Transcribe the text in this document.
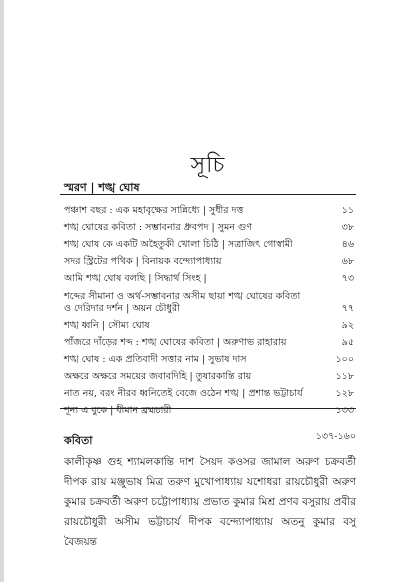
সূচি
স্মরণ | শঙ্খ ঘোষ
পঞ্চাশ বছর : এক মহাবৃক্ষের সান্নিধ্যে | সুধীর দত্ত	১১
শঙ্খ ঘোষের কবিতা : সম্ভাবনার ধ্রুবপদ | সুমন গুণ	৩৮
শঙ্খ ঘোষ কে একটি অহৈতুকী খোলা চিঠি | সত্রাজিৎ গোস্বামী	৪৬
সদর স্ট্রিটের পথিক | বিনায়ক বন্দ্যোপাধ্যায়	৬৮
আমি শঙ্খ ঘোষ বলছি | সিদ্ধার্থ সিংহ |	৭৩
শব্দের সীমানা ও অর্থ-সম্ভাবনার অসীম ছায়া শঙ্খ ঘোষের কবিতা ও দেরিদার দর্শন | অয়ন চৌধুরী	৭৭
শঙ্খ ধ্বনি | সৌম্য ঘোষ	৯২
পাঁজরে দাঁড়ের শব্দ : শঙ্খ ঘোষের কবিতা | অরুণাভ রাহারায়	৯৫
শঙ্খ ঘোষ : এক প্রতিবাদী সত্তার নাম | সুভাষ দাস	১০০
অক্ষরে অক্ষরে সময়ের জবাবদিহি | তুষারকান্তি রায়	১১৮
নাত নয়, বরং নীরব ধ্বনিতেই বেজে ওঠেন শঙ্খ | প্রশান্ত ভট্টাচার্য	১২৮
শূন্য এ বুকে | ধীমান ব্রহ্মচারী	১৩৩
কবিতা	১৩৭-১৬০

কালীকৃষ্ণ গুহ শ্যামলকান্তি দাশ সৈয়দ কওসর জামাল অরুণ চক্রবর্তী দীপক রায় মঞ্জুভাষ মিত্র তরুণ মুখোপাধ্যায় যশোধরা রায়চৌধুরী অরুণ কুমার চক্রবর্তী অরুণ চট্টোপাধ্যায় প্রভাত কুমার মিশ্র প্রণব বসুরায় প্রবীর রায়চৌধুরী অসীম ভট্টাচার্য দীপক বন্দ্যোপাধ্যায় অতনু কুমার বসু বৈজয়ন্ত
